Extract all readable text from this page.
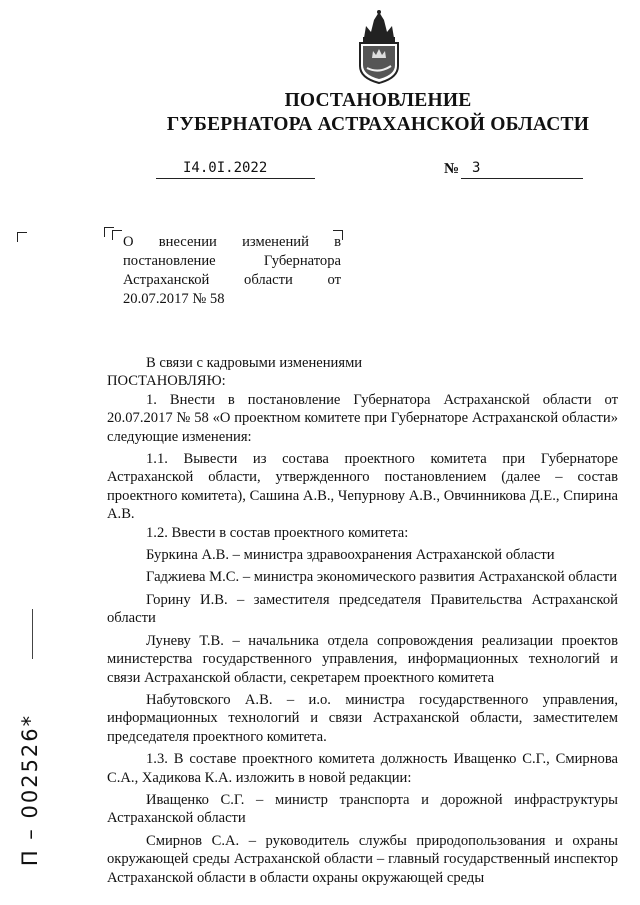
ПОСТАНОВЛЕНИЕ
ГУБЕРНАТОРА АСТРАХАНСКОЙ ОБЛАСТИ
I4.0I.2022	№ 3
О внесении изменений в постановление Губернатора Астраханской области от 20.07.2017 № 58

В связи с кадровыми изменениями

ПОСТАНОВЛЯЮ:

1. Внести в постановление Губернатора Астраханской области от 20.07.2017 № 58 «О проектном комитете при Губернаторе Астраханской области» следующие изменения:

1.1. Вывести из состава проектного комитета при Губернаторе Астраханской области, утвержденного постановлением (далее – состав проектного комитета), Сашина А.В., Чепурнову А.В., Овчинникова Д.Е., Спирина А.В.

1.2. Ввести в состав проектного комитета:

Буркина А.В. – министра здравоохранения Астраханской области

Гаджиева М.С. – министра экономического развития Астраханской области

Горину И.В. – заместителя председателя Правительства Астраханской области

Луневу Т.В. – начальника отдела сопровождения реализации проектов министерства государственного управления, информационных технологий и связи Астраханской области, секретарем проектного комитета

Набутовского А.В. – и.о. министра государственного управления, информационных технологий и связи Астраханской области, заместителем председателя проектного комитета.

1.3. В составе проектного комитета должность Иващенко С.Г., Смирнова С.А., Хадикова К.А. изложить в новой редакции:

Иващенко С.Г. – министр транспорта и дорожной инфраструктуры Астраханской области

Смирнов С.А. – руководитель службы природопользования и охраны окружающей среды Астраханской области – главный государственный инспектор Астраханской области в области охраны окружающей среды

П – 002526*
